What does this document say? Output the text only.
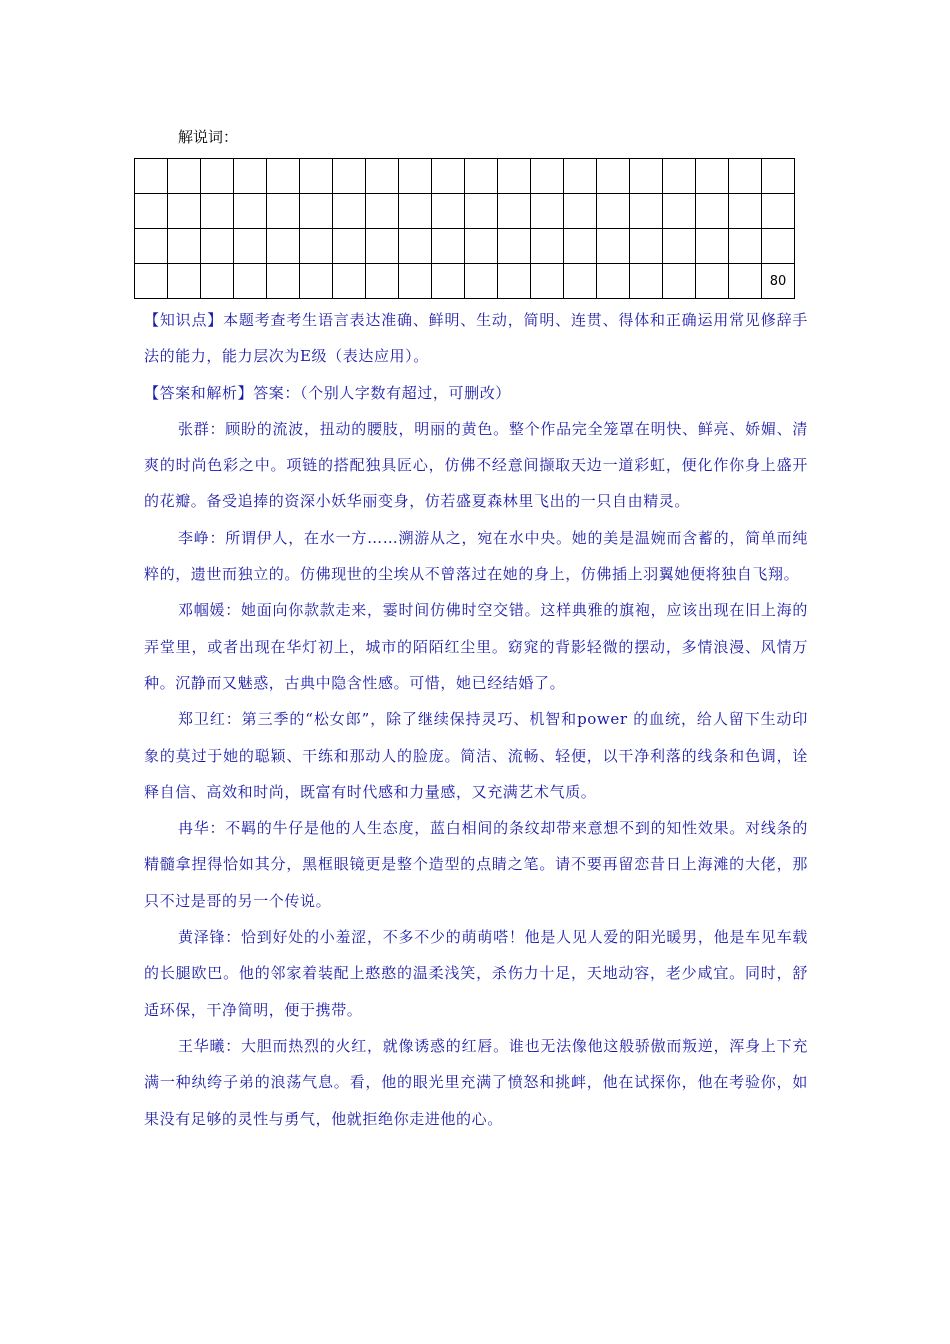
解说词：

																			80

【知识点】本题考查考生语言表达准确、鲜明、生动，简明、连贯、得体和正确运用常见修辞手法的能力，能力层次为E级（表达应用）。

【答案和解析】答案：（个别人字数有超过，可删改）

张群：顾盼的流波，扭动的腰肢，明丽的黄色。整个作品完全笼罩在明快、鲜亮、娇媚、清爽的时尚色彩之中。项链的搭配独具匠心，仿佛不经意间撷取天边一道彩虹，便化作你身上盛开的花瓣。备受追捧的资深小妖华丽变身，仿若盛夏森林里飞出的一只自由精灵。

李峥：所谓伊人，在水一方……溯游从之，宛在水中央。她的美是温婉而含蓄的，简单而纯粹的，遗世而独立的。仿佛现世的尘埃从不曾落过在她的身上，仿佛插上羽翼她便将独自飞翔。

邓帼媛：她面向你款款走来，霎时间仿佛时空交错。这样典雅的旗袍，应该出现在旧上海的弄堂里，或者出现在华灯初上，城市的陌陌红尘里。窈窕的背影轻微的摆动，多情浪漫、风情万种。沉静而又魅惑，古典中隐含性感。可惜，她已经结婚了。

郑卫红：第三季的“松女郎”，除了继续保持灵巧、机智和power 的血统，给人留下生动印象的莫过于她的聪颖、干练和那动人的脸庞。简洁、流畅、轻便，以干净利落的线条和色调，诠释自信、高效和时尚，既富有时代感和力量感，又充满艺术气质。

冉华：不羁的牛仔是他的人生态度，蓝白相间的条纹却带来意想不到的知性效果。对线条的精髓拿捏得恰如其分，黑框眼镜更是整个造型的点睛之笔。请不要再留恋昔日上海滩的大佬，那只不过是哥的另一个传说。

黄泽锋：恰到好处的小羞涩，不多不少的萌萌嗒！他是人见人爱的阳光暖男，他是车见车载的长腿欧巴。他的邻家着装配上憨憨的温柔浅笑，杀伤力十足，天地动容，老少咸宜。同时，舒适环保，干净简明，便于携带。

王华曦：大胆而热烈的火红，就像诱惑的红唇。谁也无法像他这般骄傲而叛逆，浑身上下充满一种纨绔子弟的浪荡气息。看，他的眼光里充满了愤怒和挑衅，他在试探你，他在考验你，如果没有足够的灵性与勇气，他就拒绝你走进他的心。
